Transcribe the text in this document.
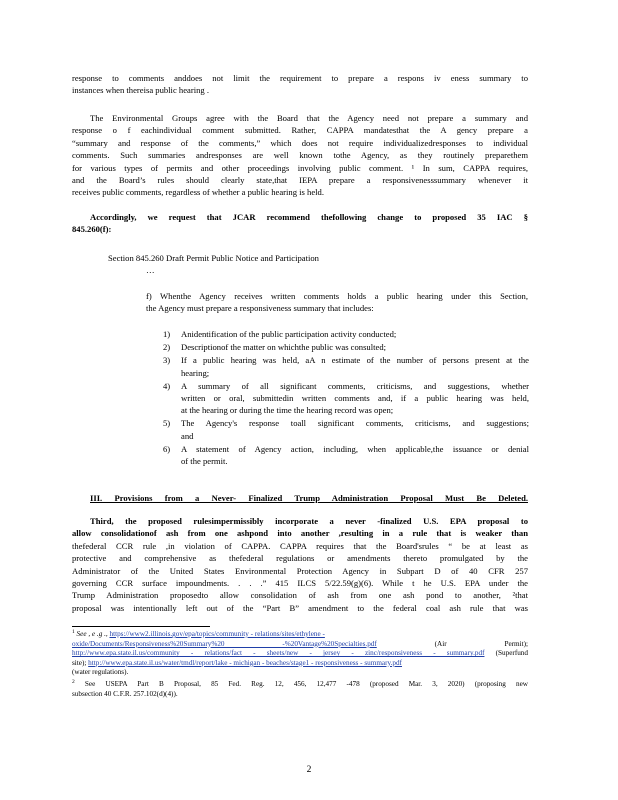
response to comments anddoes not limit the requirement to prepare a respons iv eness summary to
instances when thereisa public hearing .
The Environmental Groups agree with the Board that the Agency need not prepare a summary and
response o f eachindividual comment submitted. Rather, CAPPA mandatesthat the A gency prepare a
“summary and response of the comments,” which does not require individualizedresponses to individual
comments. Such summaries andresponses are well known tothe Agency, as they routinely preparethem
for various types of permits and other proceedings involving public comment. ¹ In sum, CAPPA requires,
and the Board’s rules should clearly state,that IEPA prepare a responsivenesssummary whenever it
receives public comments, regardless of whether a public hearing is held.
Accordingly, we request that JCAR recommend thefollowing change to proposed 35 IAC §
845.260(f):
Section 845.260 Draft Permit Public Notice and Participation
…
f) Whenthe Agency receives written comments holds a public hearing under this Section,
the Agency must prepare a responsiveness summary that includes:
1) Anidentification of the public participation activity conducted;
2) Descriptionof the matter on whichthe public was consulted;
3) If a public hearing was held, aA n estimate of the number of persons present at the
hearing;
4) A summary of all significant comments, criticisms, and suggestions, whether
written or oral, submittedin written comments and, if a public hearing was held,
at the hearing or during the time the hearing record was open;
5) The Agency's response toall significant comments, criticisms, and suggestions;
and
6) A statement of Agency action, including, when applicable,the issuance or denial
of the permit.
III. Provisions from a Never- Finalized Trump Administration Proposal Must Be Deleted.
Third, the proposed rulesimpermissibly incorporate a never -finalized U.S. EPA proposal to
allow consolidationof ash from one ashpond into another ,resulting in a rule that is weaker than
thefederal CCR rule ,in violation of CAPPA. CAPPA requires that the Board'srules “ be at least as
protective and comprehensive as thefederal regulations or amendments thereto promulgated by the
Administrator of the United States Environmental Protection Agency in Subpart D of 40 CFR 257
governing CCR surface impoundments. . . .” 415 ILCS 5/22.59(g)(6). While t he U.S. EPA under the
Trump Administration proposedto allow consolidation of ash from one ash pond to another, ²that
proposal was intentionally left out of the “Part B” amendment to the federal coal ash rule that was
$^1$ See , e .g ., https://www2.illinois.gov/epa/topics/community - relations/sites/ethylene -
oxide/Documents/Responsiveness%20Summary%20 -%20Vantage%20Specialties.pdf	(Air Permit);
http://www.epa.state.il.us/community - relations/fact - sheets/new - jersey - zinc/responsiveness - summary.pdf (Superfund
site); http://www.epa.state.il.us/water/tmdl/report/lake - michigan - beaches/stage1 - responsiveness - summary.pdf
(water regulations).
$^2$ See USEPA Part B Proposal, 85 Fed. Reg. 12, 456, 12,477 -478 (proposed Mar. 3, 2020) (proposing new
subsection 40 C.F.R. 257.102(d)(4)).
2
